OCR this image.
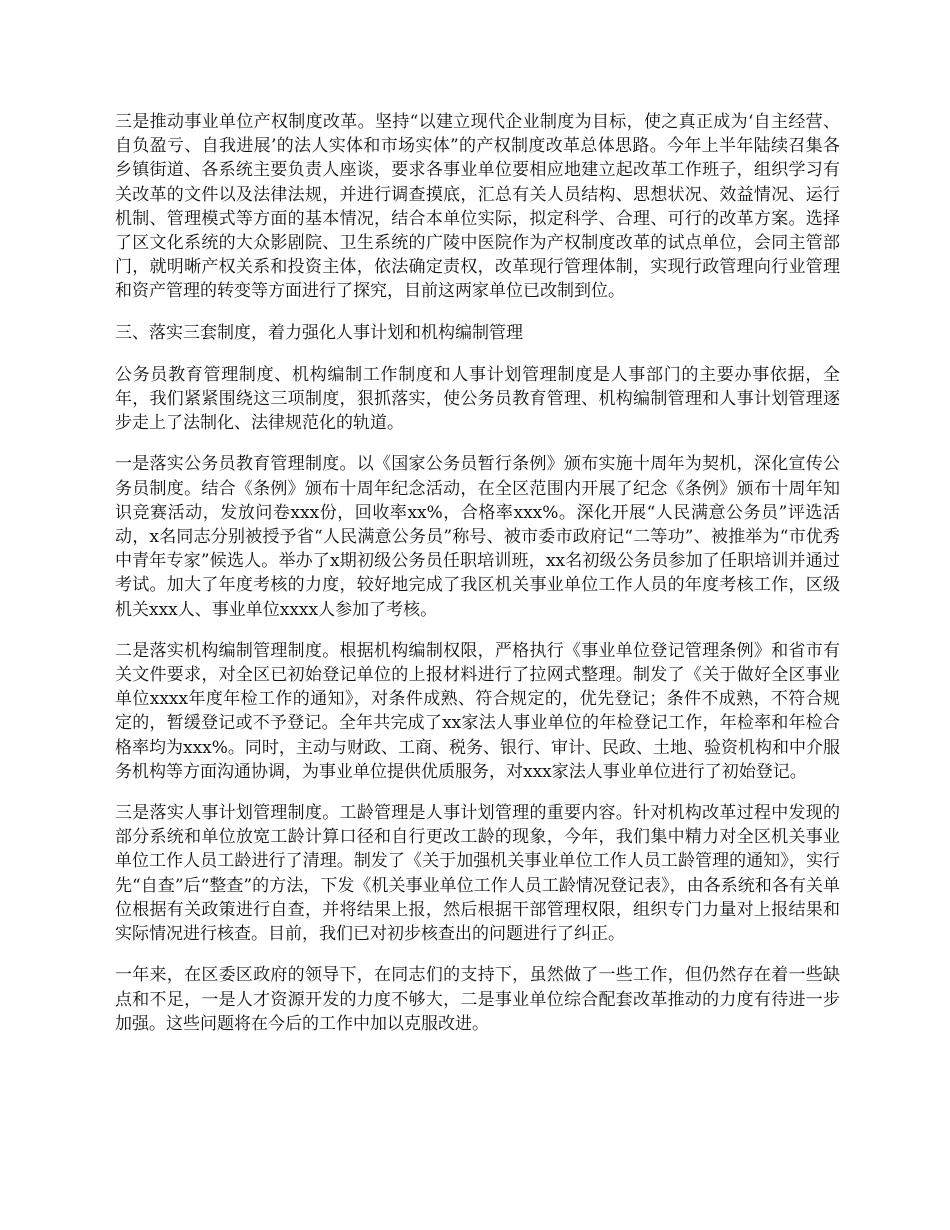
三是推动事业单位产权制度改革。坚持“以建立现代企业制度为目标，使之真正成为‘自主经营、自负盈亏、自我进展’的法人实体和市场实体”的产权制度改革总体思路。今年上半年陆续召集各乡镇街道、各系统主要负责人座谈，要求各事业单位要相应地建立起改革工作班子，组织学习有关改革的文件以及法律法规，并进行调查摸底，汇总有关人员结构、思想状况、效益情况、运行机制、管理模式等方面的基本情况，结合本单位实际，拟定科学、合理、可行的改革方案。选择了区文化系统的大众影剧院、卫生系统的广陵中医院作为产权制度改革的试点单位，会同主管部门，就明晰产权关系和投资主体，依法确定责权，改革现行管理体制，实现行政管理向行业管理和资产管理的转变等方面进行了探究，目前这两家单位已改制到位。

三、落实三套制度，着力强化人事计划和机构编制管理

公务员教育管理制度、机构编制工作制度和人事计划管理制度是人事部门的主要办事依据，全年，我们紧紧围绕这三项制度，狠抓落实，使公务员教育管理、机构编制管理和人事计划管理逐步走上了法制化、法律规范化的轨道。

一是落实公务员教育管理制度。以《国家公务员暂行条例》颁布实施十周年为契机，深化宣传公务员制度。结合《条例》颁布十周年纪念活动，在全区范围内开展了纪念《条例》颁布十周年知识竞赛活动，发放问卷xxx份，回收率xx%，合格率xxx%。深化开展“人民满意公务员”评选活动，x名同志分别被授予省“人民满意公务员”称号、被市委市政府记“二等功”、被推举为“市优秀中青年专家”候选人。举办了x期初级公务员任职培训班，xx名初级公务员参加了任职培训并通过考试。加大了年度考核的力度，较好地完成了我区机关事业单位工作人员的年度考核工作，区级机关xxx人、事业单位xxxx人参加了考核。

二是落实机构编制管理制度。根据机构编制权限，严格执行《事业单位登记管理条例》和省市有关文件要求，对全区已初始登记单位的上报材料进行了拉网式整理。制发了《关于做好全区事业单位xxxx年度年检工作的通知》，对条件成熟、符合规定的，优先登记；条件不成熟，不符合规定的，暂缓登记或不予登记。全年共完成了xx家法人事业单位的年检登记工作，年检率和年检合格率均为xxx%。同时，主动与财政、工商、税务、银行、审计、民政、土地、验资机构和中介服务机构等方面沟通协调，为事业单位提供优质服务，对xxx家法人事业单位进行了初始登记。

三是落实人事计划管理制度。工龄管理是人事计划管理的重要内容。针对机构改革过程中发现的部分系统和单位放宽工龄计算口径和自行更改工龄的现象，今年，我们集中精力对全区机关事业单位工作人员工龄进行了清理。制发了《关于加强机关事业单位工作人员工龄管理的通知》，实行先“自查”后“整查”的方法，下发《机关事业单位工作人员工龄情况登记表》，由各系统和各有关单位根据有关政策进行自查，并将结果上报，然后根据干部管理权限，组织专门力量对上报结果和实际情况进行核查。目前，我们已对初步核查出的问题进行了纠正。

一年来，在区委区政府的领导下，在同志们的支持下，虽然做了一些工作，但仍然存在着一些缺点和不足，一是人才资源开发的力度不够大，二是事业单位综合配套改革推动的力度有待进一步加强。这些问题将在今后的工作中加以克服改进。
